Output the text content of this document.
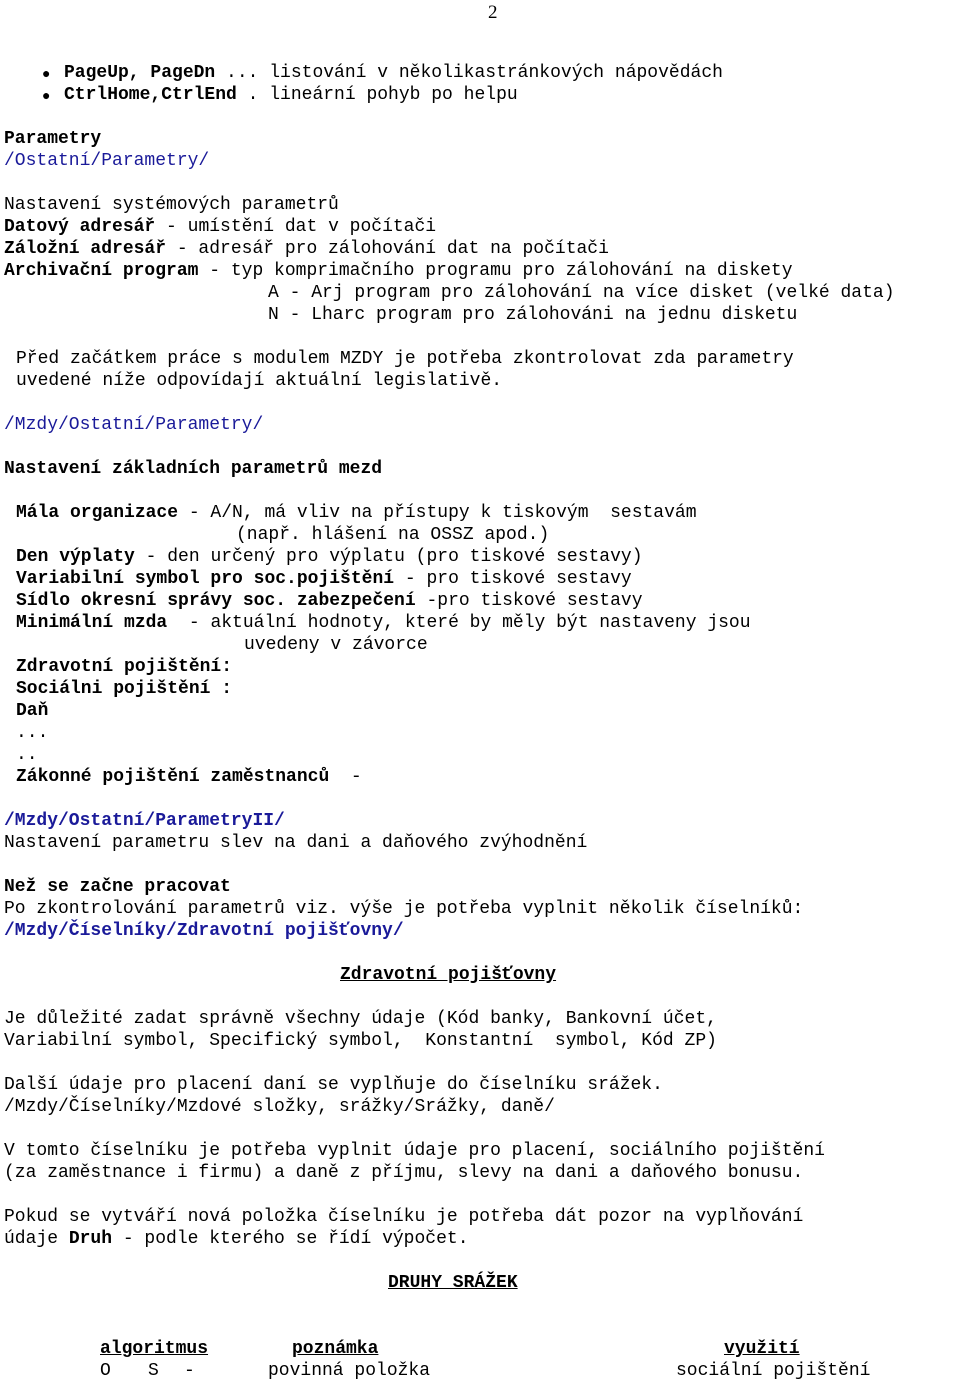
2
● PageUp, PageDn ... listování v několikastránkových nápovědách
● CtrlHome,CtrlEnd . lineární pohyb po helpu
Parametry
/Ostatní/Parametry/
Nastavení systémových parametrů
Datový adresář - umístění dat v počítači
Záložní adresář - adresář pro zálohování dat na počítači
Archivační program - typ komprimačního programu pro zálohování na diskety
A - Arj program pro zálohování na více disket (velké data)
N - Lharc program pro zálohováni na jednu disketu
Před začátkem práce s modulem MZDY je potřeba zkontrolovat zda parametry
uvedené níže odpovídají aktuální legislativě.
/Mzdy/Ostatní/Parametry/
Nastavení základních parametrů mezd
Mála organizace - A/N, má vliv na přístupy k tiskovým  sestavám
(např. hlášení na OSSZ apod.)
Den výplaty - den určený pro výplatu (pro tiskové sestavy)
Variabilní symbol pro soc.pojištění - pro tiskové sestavy
Sídlo okresní správy soc. zabezpečení -pro tiskové sestavy
Minimální mzda  - aktuální hodnoty, které by měly být nastaveny jsou
uvedeny v závorce
Zdravotní pojištění:
Sociálni pojištění :
Daň
...
..
Zákonné pojištění zaměstnanců  -
/Mzdy/Ostatní/ParametryII/
Nastavení parametru slev na dani a daňového zvýhodnění
Než se začne pracovat
Po zkontrolování parametrů viz. výše je potřeba vyplnit několik číselníků:
/Mzdy/Číselníky/Zdravotní pojišťovny/
Zdravotní pojišťovny
Je důležité zadat správně všechny údaje (Kód banky, Bankovní účet,
Variabilní symbol, Specifický symbol,  Konstantní  symbol, Kód ZP)
Další údaje pro placení daní se vyplňuje do číselníku srážek.
/Mzdy/Číselníky/Mzdové složky, srážky/Srážky, daně/
V tomto číselníku je potřeba vyplnit údaje pro placení, sociálního pojištění
(za zaměstnance i firmu) a daně z příjmu, slevy na dani a daňového bonusu.
Pokud se vytváří nová položka číselníku je potřeba dát pozor na vyplňování
údaje Druh - podle kterého se řídí výpočet.
DRUHY SRÁŽEK
algoritmus	poznámka	využití
O S -	povinná položka	sociální pojištění
